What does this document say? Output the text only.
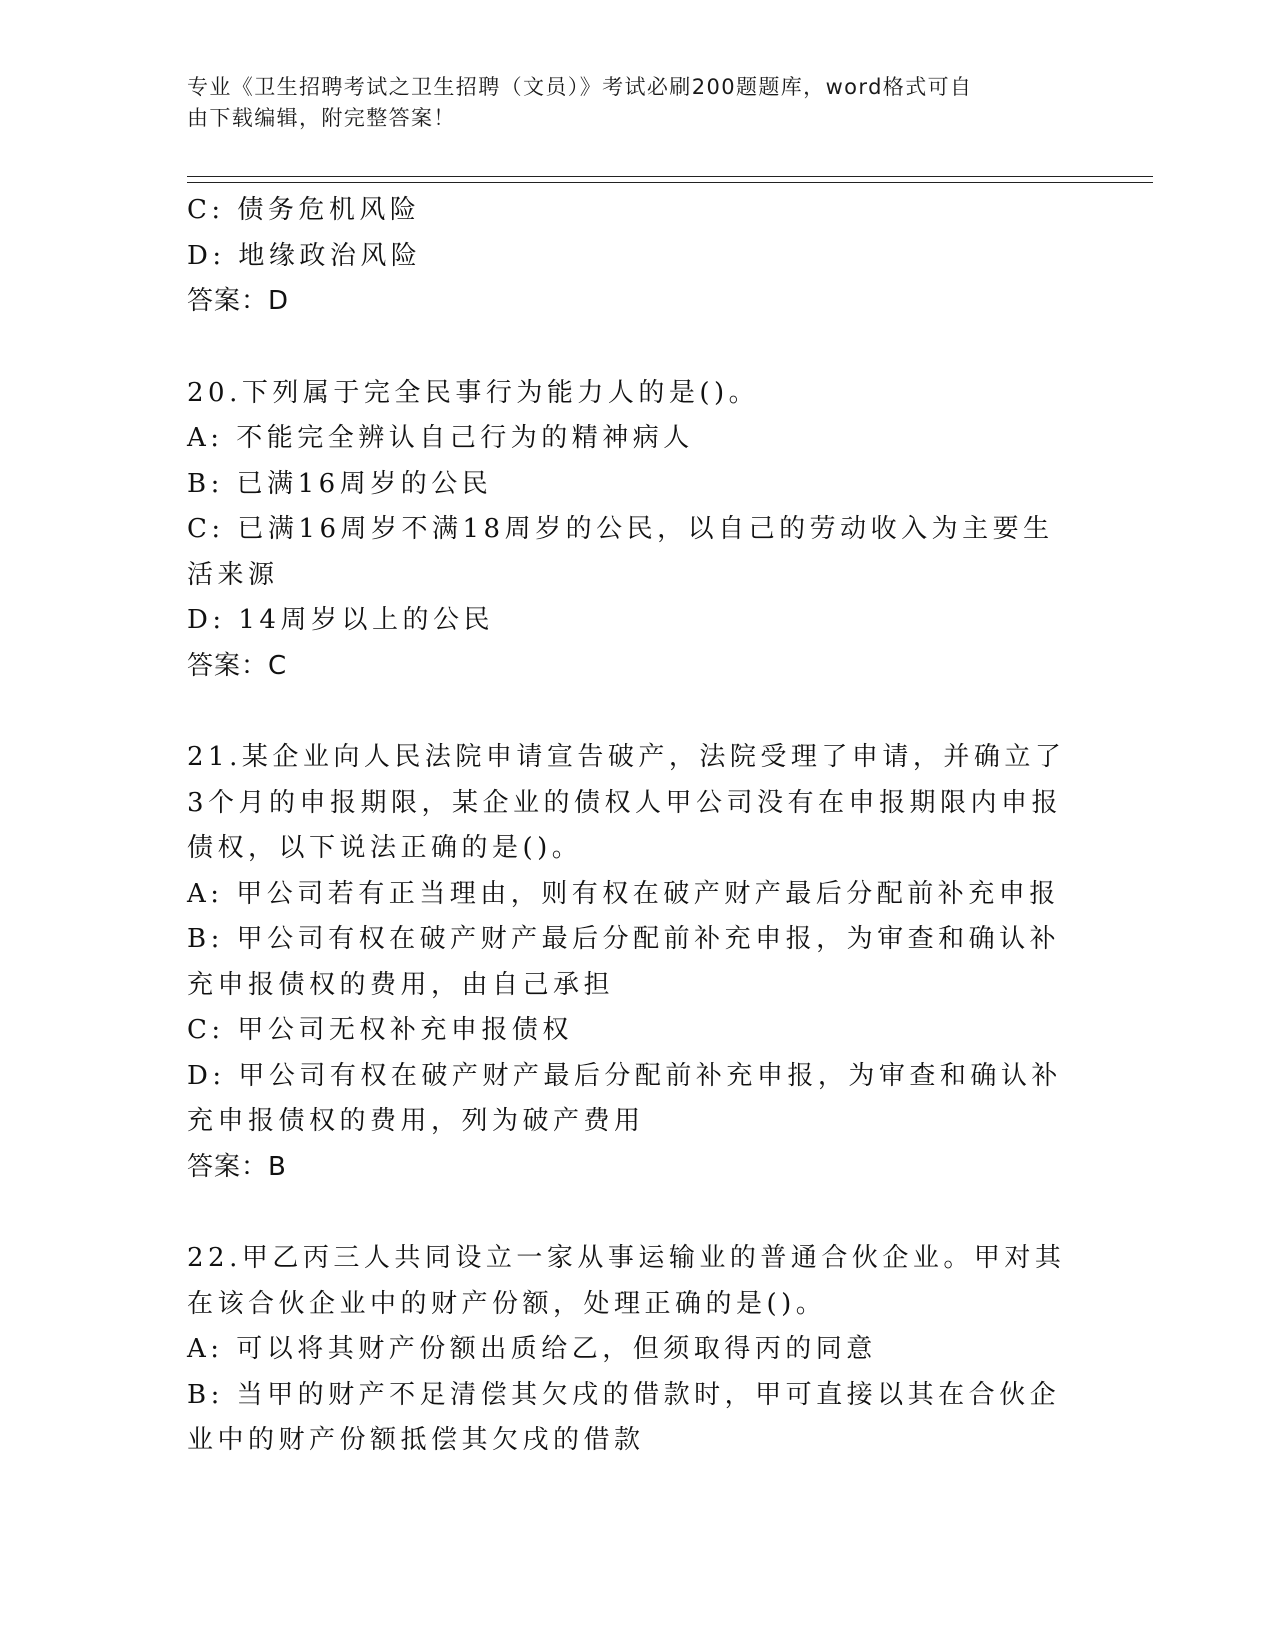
专业《卫生招聘考试之卫生招聘（文员）》考试必刷200题题库，word格式可自
由下载编辑，附完整答案！

C: 债务危机风险

D: 地缘政治风险

答案：D

20.下列属于完全民事行为能力人的是()。

A: 不能完全辨认自己行为的精神病人

B: 已满16周岁的公民

C: 已满16周岁不满18周岁的公民，以自己的劳动收入为主要生活来源

D: 14周岁以上的公民

答案：C

21.某企业向人民法院申请宣告破产，法院受理了申请，并确立了3个月的申报期限，某企业的债权人甲公司没有在申报期限内申报债权，以下说法正确的是()。

A: 甲公司若有正当理由，则有权在破产财产最后分配前补充申报

B: 甲公司有权在破产财产最后分配前补充申报，为审查和确认补充申报债权的费用，由自己承担

C: 甲公司无权补充申报债权

D: 甲公司有权在破产财产最后分配前补充申报，为审查和确认补充申报债权的费用，列为破产费用

答案：B

22.甲乙丙三人共同设立一家从事运输业的普通合伙企业。甲对其在该合伙企业中的财产份额，处理正确的是()。

A: 可以将其财产份额出质给乙，但须取得丙的同意

B: 当甲的财产不足清偿其欠戌的借款时，甲可直接以其在合伙企业中的财产份额抵偿其欠戌的借款
